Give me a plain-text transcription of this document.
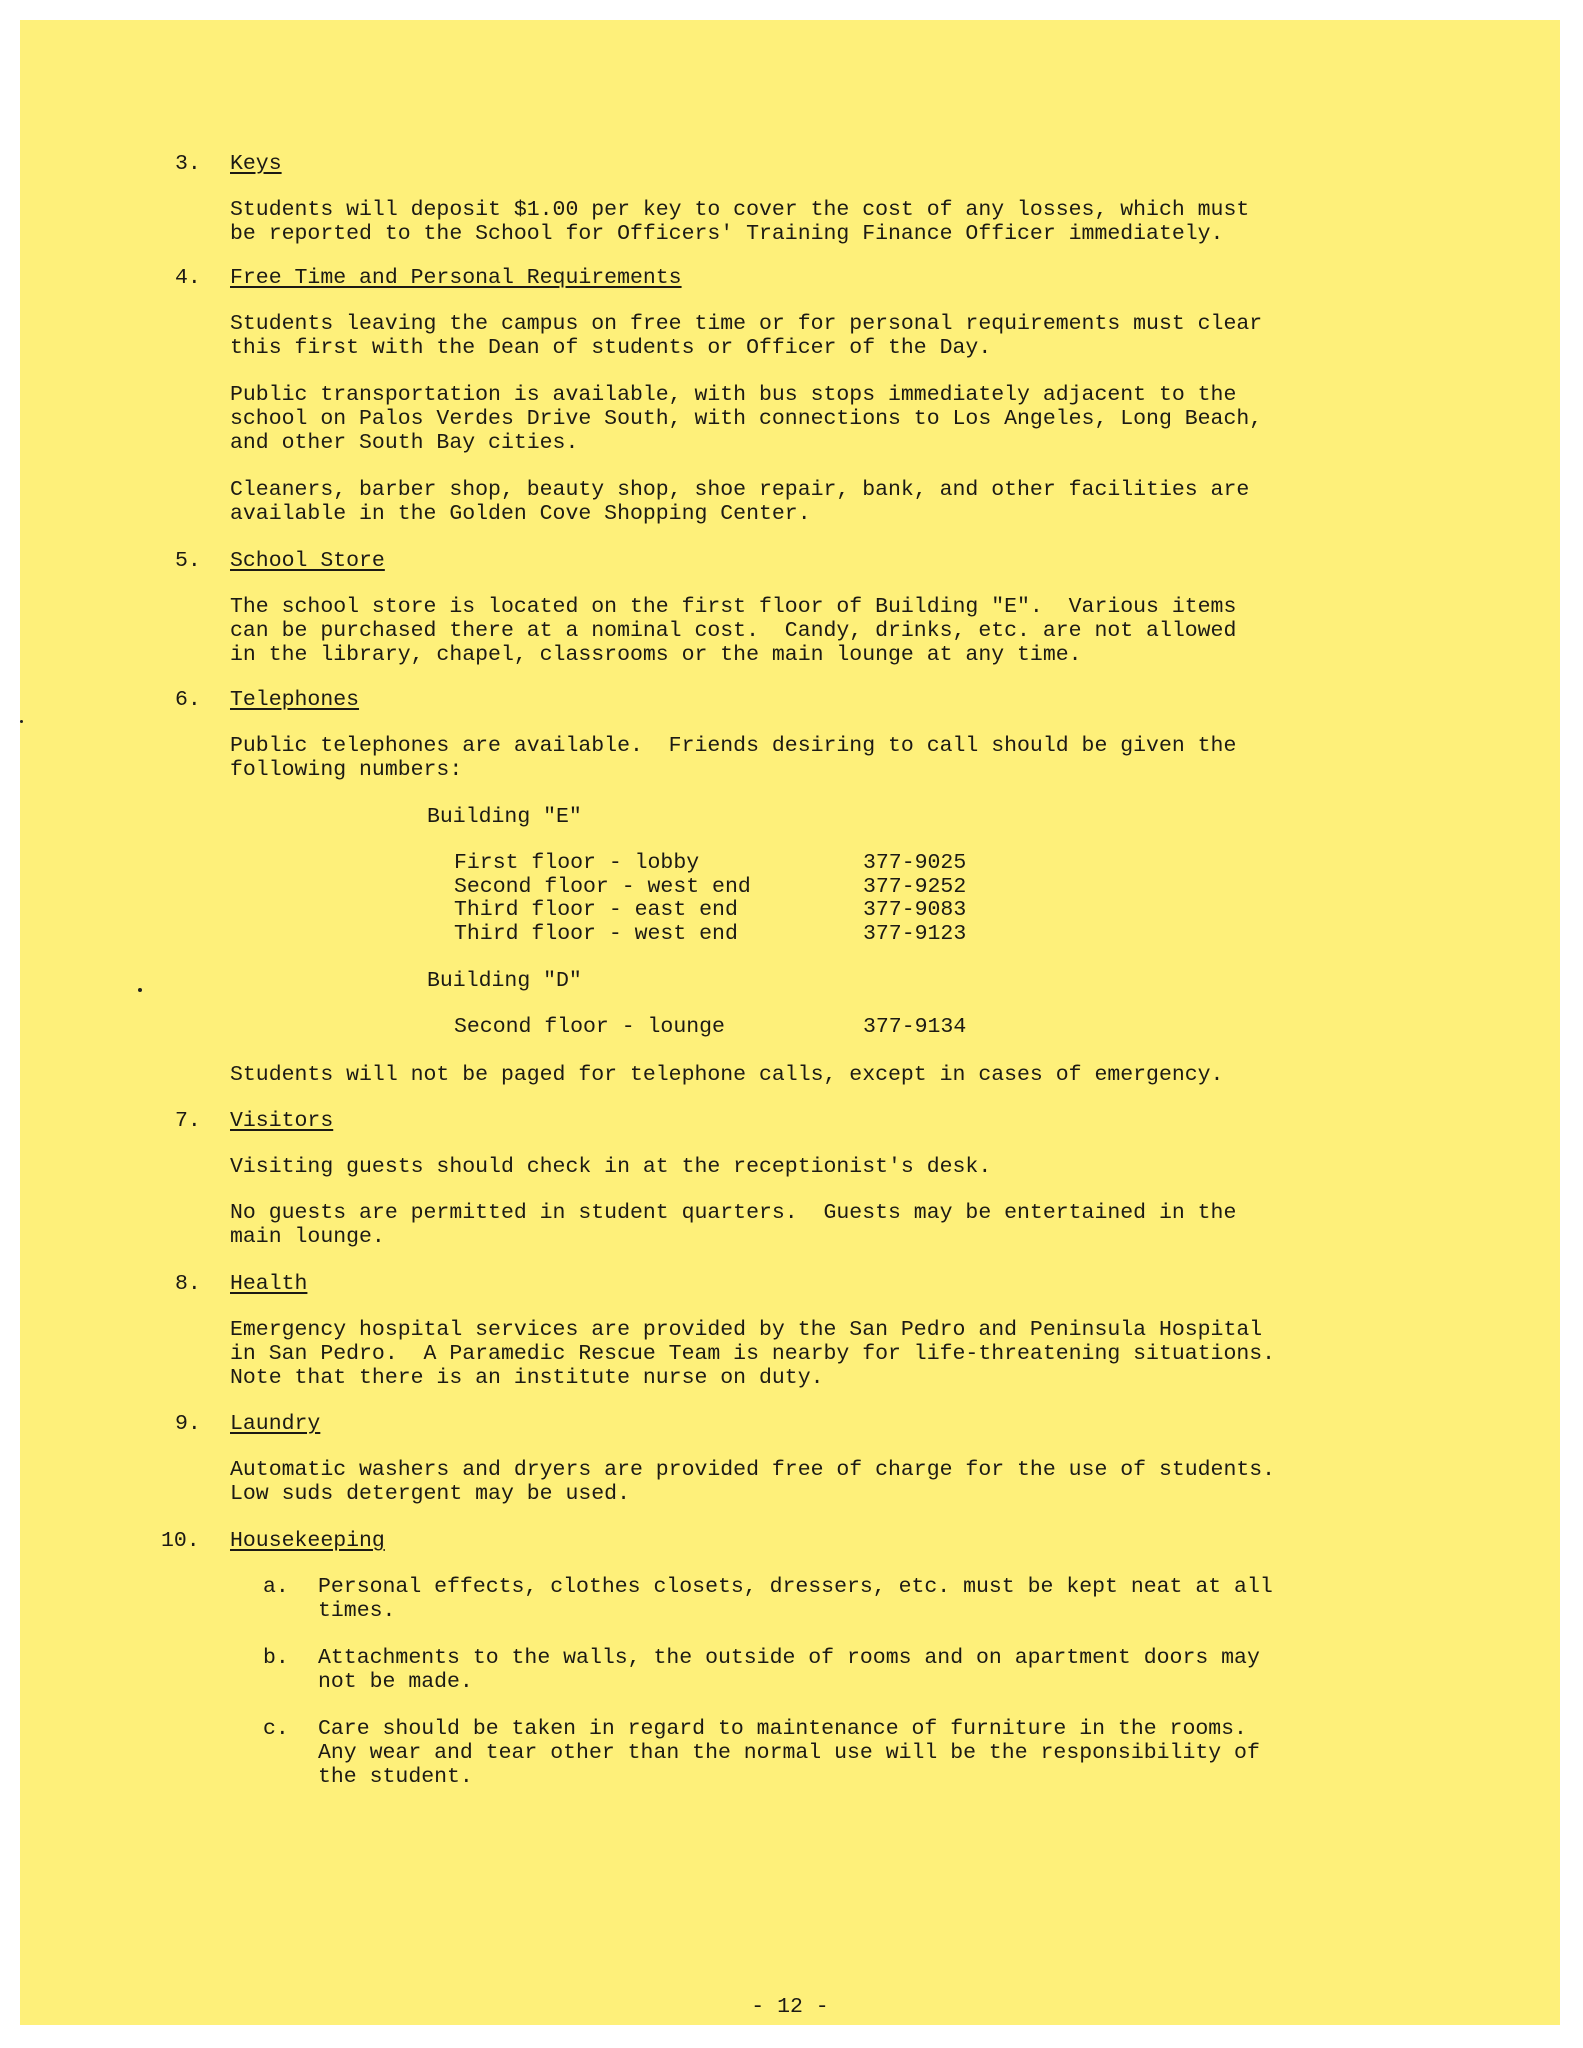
3. Keys
Students will deposit $1.00 per key to cover the cost of any losses, which must
be reported to the School for Officers' Training Finance Officer immediately.
4. Free Time and Personal Requirements
Students leaving the campus on free time or for personal requirements must clear
this first with the Dean of students or Officer of the Day.
Public transportation is available, with bus stops immediately adjacent to the
school on Palos Verdes Drive South, with connections to Los Angeles, Long Beach,
and other South Bay cities.
Cleaners, barber shop, beauty shop, shoe repair, bank, and other facilities are
available in the Golden Cove Shopping Center.
5. School Store
The school store is located on the first floor of Building "E".  Various items
can be purchased there at a nominal cost.  Candy, drinks, etc. are not allowed
in the library, chapel, classrooms or the main lounge at any time.
6. Telephones
Public telephones are available.  Friends desiring to call should be given the
following numbers:
Building "E"
First floor - lobby	377-9025
Second floor - west end	377-9252
Third floor - east end	377-9083
Third floor - west end	377-9123
Building "D"
Second floor - lounge	377-9134
Students will not be paged for telephone calls, except in cases of emergency.
7. Visitors
Visiting guests should check in at the receptionist's desk.
No guests are permitted in student quarters.  Guests may be entertained in the
main lounge.
8. Health
Emergency hospital services are provided by the San Pedro and Peninsula Hospital
in San Pedro.  A Paramedic Rescue Team is nearby for life-threatening situations.
Note that there is an institute nurse on duty.
9. Laundry
Automatic washers and dryers are provided free of charge for the use of students.
Low suds detergent may be used.
10. Housekeeping
a. Personal effects, clothes closets, dressers, etc. must be kept neat at all
times.
b. Attachments to the walls, the outside of rooms and on apartment doors may
not be made.
c. Care should be taken in regard to maintenance of furniture in the rooms.
Any wear and tear other than the normal use will be the responsibility of
the student.
- 12 -
